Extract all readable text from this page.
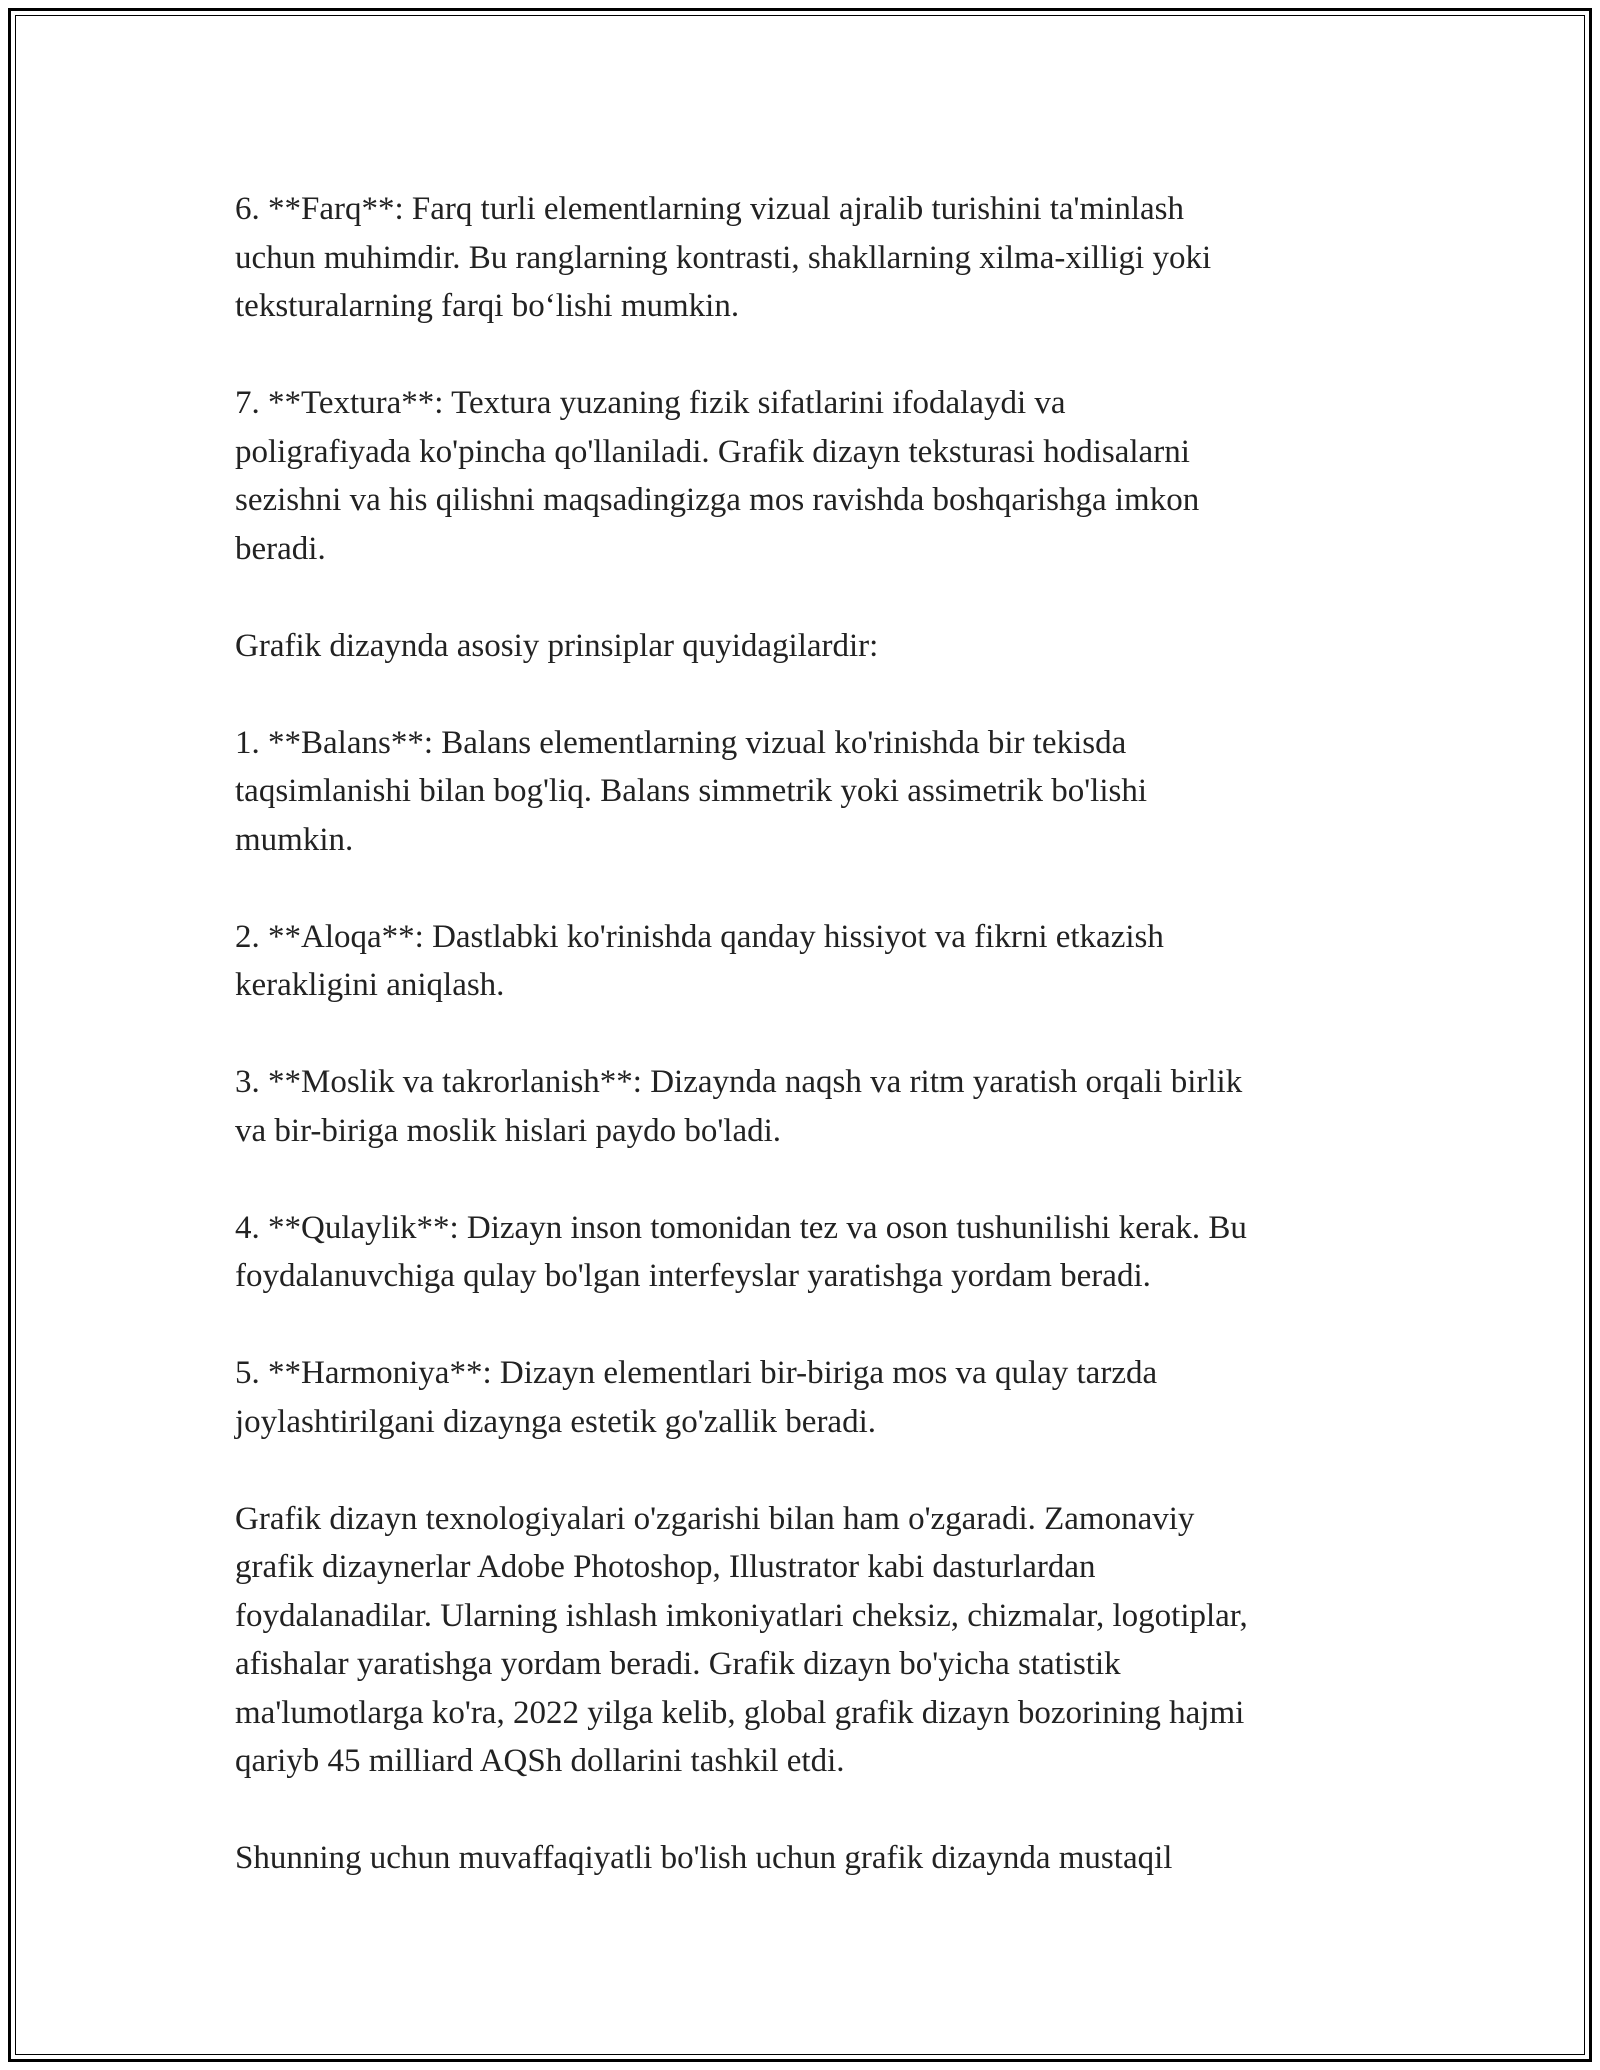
6. **Farq**: Farq turli elementlarning vizual ajralib turishini ta'minlash
uchun muhimdir. Bu ranglarning kontrasti, shakllarning xilma-xilligi yoki
teksturalarning farqi bo‘lishi mumkin.

7. **Textura**: Textura yuzaning fizik sifatlarini ifodalaydi va
poligrafiyada ko'pincha qo'llaniladi. Grafik dizayn teksturasi hodisalarni
sezishni va his qilishni maqsadingizga mos ravishda boshqarishga imkon
beradi.

Grafik dizaynda asosiy prinsiplar quyidagilardir:

1. **Balans**: Balans elementlarning vizual ko'rinishda bir tekisda
taqsimlanishi bilan bog'liq. Balans simmetrik yoki assimetrik bo'lishi
mumkin.

2. **Aloqa**: Dastlabki ko'rinishda qanday hissiyot va fikrni etkazish
kerakligini aniqlash.

3. **Moslik va takrorlanish**: Dizaynda naqsh va ritm yaratish orqali birlik
va bir-biriga moslik hislari paydo bo'ladi.

4. **Qulaylik**: Dizayn inson tomonidan tez va oson tushunilishi kerak. Bu
foydalanuvchiga qulay bo'lgan interfeyslar yaratishga yordam beradi.

5. **Harmoniya**: Dizayn elementlari bir-biriga mos va qulay tarzda
joylashtirilgani dizaynga estetik go'zallik beradi.

Grafik dizayn texnologiyalari o'zgarishi bilan ham o'zgaradi. Zamonaviy
grafik dizaynerlar Adobe Photoshop, Illustrator kabi dasturlardan
foydalanadilar. Ularning ishlash imkoniyatlari cheksiz, chizmalar, logotiplar,
afishalar yaratishga yordam beradi. Grafik dizayn bo'yicha statistik
ma'lumotlarga ko'ra, 2022 yilga kelib, global grafik dizayn bozorining hajmi
qariyb 45 milliard AQSh dollarini tashkil etdi.

Shunning uchun muvaffaqiyatli bo'lish uchun grafik dizaynda mustaqil
